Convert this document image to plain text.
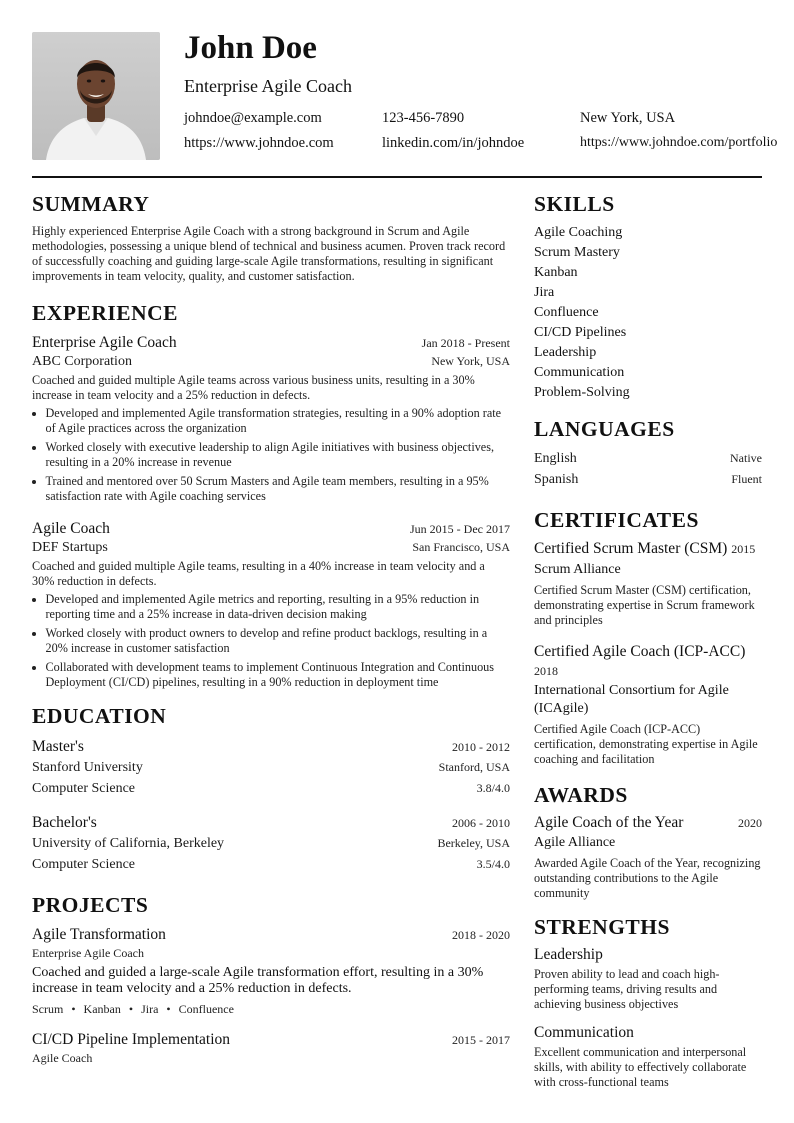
John Doe
Enterprise Agile Coach
johndoe@example.com	123-456-7890	New York, USA
https://www.johndoe.com	linkedin.com/in/johndoe	https://www.johndoe.com/portfolio
SUMMARY
Highly experienced Enterprise Agile Coach with a strong background in Scrum and Agile methodologies, possessing a unique blend of technical and business acumen. Proven track record of successfully coaching and guiding large-scale Agile transformations, resulting in significant improvements in team velocity, quality, and customer satisfaction.
EXPERIENCE
Enterprise Agile Coach	Jan 2018 - Present
ABC Corporation	New York, USA
Coached and guided multiple Agile teams across various business units, resulting in a 30% increase in team velocity and a 25% reduction in defects.
• Developed and implemented Agile transformation strategies, resulting in a 90% adoption rate of Agile practices across the organization
• Worked closely with executive leadership to align Agile initiatives with business objectives, resulting in a 20% increase in revenue
• Trained and mentored over 50 Scrum Masters and Agile team members, resulting in a 95% satisfaction rate with Agile coaching services
Agile Coach	Jun 2015 - Dec 2017
DEF Startups	San Francisco, USA
Coached and guided multiple Agile teams, resulting in a 40% increase in team velocity and a 30% reduction in defects.
• Developed and implemented Agile metrics and reporting, resulting in a 95% reduction in reporting time and a 25% increase in data-driven decision making
• Worked closely with product owners to develop and refine product backlogs, resulting in a 20% increase in customer satisfaction
• Collaborated with development teams to implement Continuous Integration and Continuous Deployment (CI/CD) pipelines, resulting in a 90% reduction in deployment time
EDUCATION
Master's	2010 - 2012
Stanford University	Stanford, USA
Computer Science	3.8/4.0
Bachelor's	2006 - 2010
University of California, Berkeley	Berkeley, USA
Computer Science	3.5/4.0
PROJECTS
Agile Transformation	2018 - 2020
Enterprise Agile Coach
Coached and guided a large-scale Agile transformation effort, resulting in a 30% increase in team velocity and a 25% reduction in defects.
Scrum • Kanban • Jira • Confluence
CI/CD Pipeline Implementation	2015 - 2017
Agile Coach
SKILLS
Agile Coaching
Scrum Mastery
Kanban
Jira
Confluence
CI/CD Pipelines
Leadership
Communication
Problem-Solving
LANGUAGES
English	Native
Spanish	Fluent
CERTIFICATES
Certified Scrum Master (CSM) 2015
Scrum Alliance
Certified Scrum Master (CSM) certification, demonstrating expertise in Scrum framework and principles
Certified Agile Coach (ICP-ACC)
2018
International Consortium for Agile (ICAgile)
Certified Agile Coach (ICP-ACC) certification, demonstrating expertise in Agile coaching and facilitation
AWARDS
Agile Coach of the Year	2020
Agile Alliance
Awarded Agile Coach of the Year, recognizing outstanding contributions to the Agile community
STRENGTHS
Leadership
Proven ability to lead and coach high-performing teams, driving results and achieving business objectives
Communication
Excellent communication and interpersonal skills, with ability to effectively collaborate with cross-functional teams
